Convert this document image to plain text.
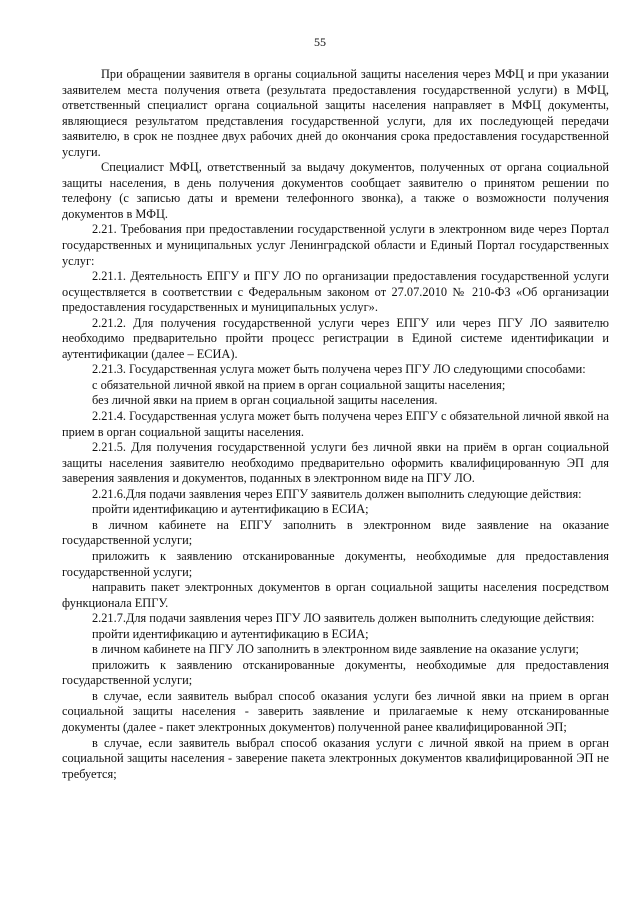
55

При обращении заявителя в органы социальной защиты населения через МФЦ и при указании заявителем места получения ответа (результата предоставления государственной услуги) в МФЦ, ответственный специалист органа социальной защиты населения направляет в МФЦ документы, являющиеся результатом представления государственной услуги, для их последующей передачи заявителю, в срок не позднее двух рабочих дней до окончания срока предоставления государственной услуги.

Специалист МФЦ, ответственный за выдачу документов, полученных от органа социальной защиты населения, в день получения документов сообщает заявителю о принятом решении по телефону (с записью даты и времени телефонного звонка), а также о возможности получения документов в МФЦ.

2.21. Требования при предоставлении государственной услуги в электронном виде через Портал государственных и муниципальных услуг Ленинградской области и Единый Портал государственных услуг:

2.21.1. Деятельность ЕПГУ и ПГУ ЛО по организации предоставления государственной услуги осуществляется в соответствии с Федеральным законом от 27.07.2010 № 210-ФЗ «Об организации предоставления государственных и муниципальных услуг».

2.21.2. Для получения государственной услуги через ЕПГУ или через ПГУ ЛО заявителю необходимо предварительно пройти процесс регистрации в Единой системе идентификации и аутентификации (далее – ЕСИА).

2.21.3. Государственная услуга может быть получена через ПГУ ЛО следующими способами:

с обязательной личной явкой на прием в орган социальной защиты населения;

без личной явки на прием в орган социальной защиты населения.

2.21.4. Государственная услуга может быть получена через ЕПГУ с обязательной личной явкой на прием в орган социальной защиты населения.

2.21.5. Для получения государственной услуги без личной явки на приём в орган социальной защиты населения заявителю необходимо предварительно оформить квалифицированную ЭП для заверения заявления и документов, поданных в электронном виде на ПГУ ЛО.

2.21.6.Для подачи заявления через ЕПГУ заявитель должен выполнить следующие действия:

пройти идентификацию и аутентификацию в ЕСИА;

в личном кабинете на ЕПГУ заполнить в электронном виде заявление на оказание государственной услуги;

приложить к заявлению отсканированные документы, необходимые для предоставления государственной услуги;

направить пакет электронных документов в орган социальной защиты населения посредством функционала ЕПГУ.

2.21.7.Для подачи заявления через ПГУ ЛО заявитель должен выполнить следующие действия:

пройти идентификацию и аутентификацию в ЕСИА;

в личном кабинете на ПГУ ЛО заполнить в электронном виде заявление на оказание услуги;

приложить к заявлению отсканированные документы, необходимые для предоставления государственной услуги;

в случае, если заявитель выбрал способ оказания услуги без личной явки на прием в орган социальной защиты населения - заверить заявление и прилагаемые к нему отсканированные документы (далее - пакет электронных документов) полученной ранее квалифицированной ЭП;

в случае, если заявитель выбрал способ оказания услуги с личной явкой на прием в орган социальной защиты населения - заверение пакета электронных документов квалифицированной ЭП не требуется;
